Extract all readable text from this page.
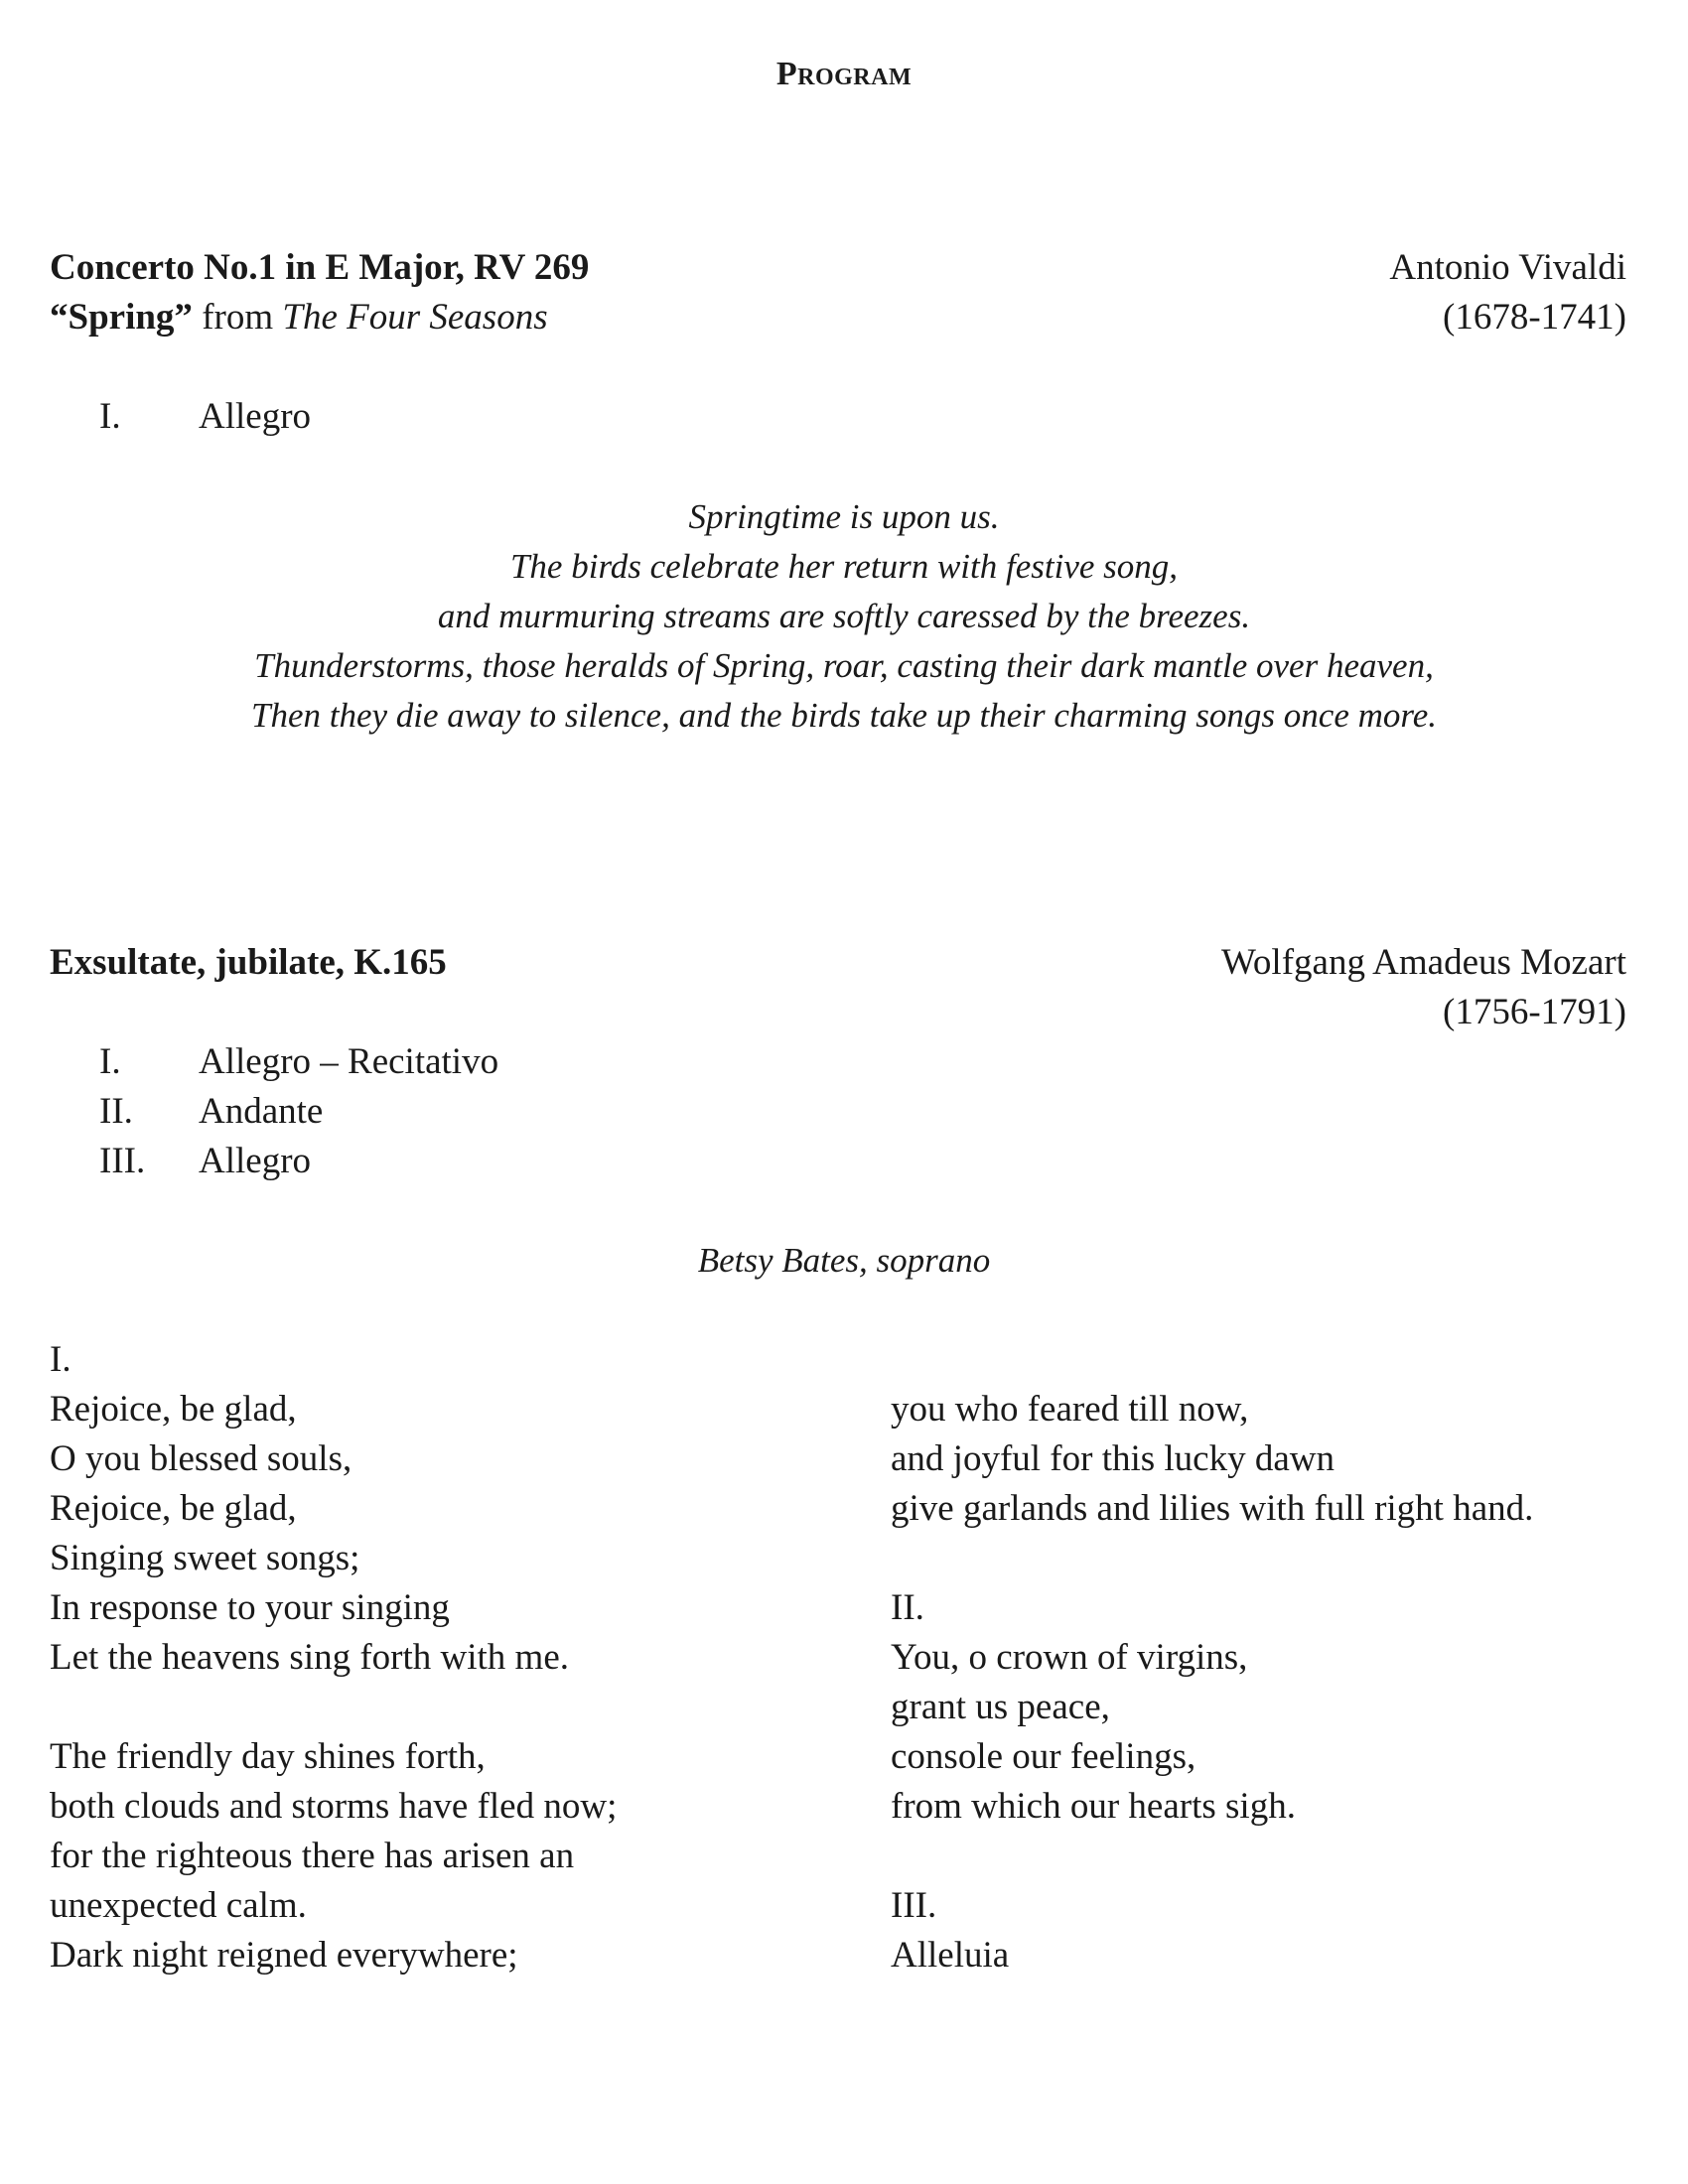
Program
Concerto No.1 in E Major, RV 269	Antonio Vivaldi
“Spring” from The Four Seasons	(1678-1741)
I. Allegro
Springtime is upon us.
The birds celebrate her return with festive song,
and murmuring streams are softly caressed by the breezes.
Thunderstorms, those heralds of Spring, roar, casting their dark mantle over heaven,
Then they die away to silence, and the birds take up their charming songs once more.
Exsultate, jubilate, K.165	Wolfgang Amadeus Mozart
(1756-1791)
I. Allegro – Recitativo
II. Andante
III. Allegro
Betsy Bates, soprano
I.
Rejoice, be glad,
O you blessed souls,
Rejoice, be glad,
Singing sweet songs;
In response to your singing
Let the heavens sing forth with me.
The friendly day shines forth,
both clouds and storms have fled now;
for the righteous there has arisen an
unexpected calm.
Dark night reigned everywhere;
you who feared till now,
and joyful for this lucky dawn
give garlands and lilies with full right hand.
II.
You, o crown of virgins,
grant us peace,
console our feelings,
from which our hearts sigh.
III.
Alleluia
